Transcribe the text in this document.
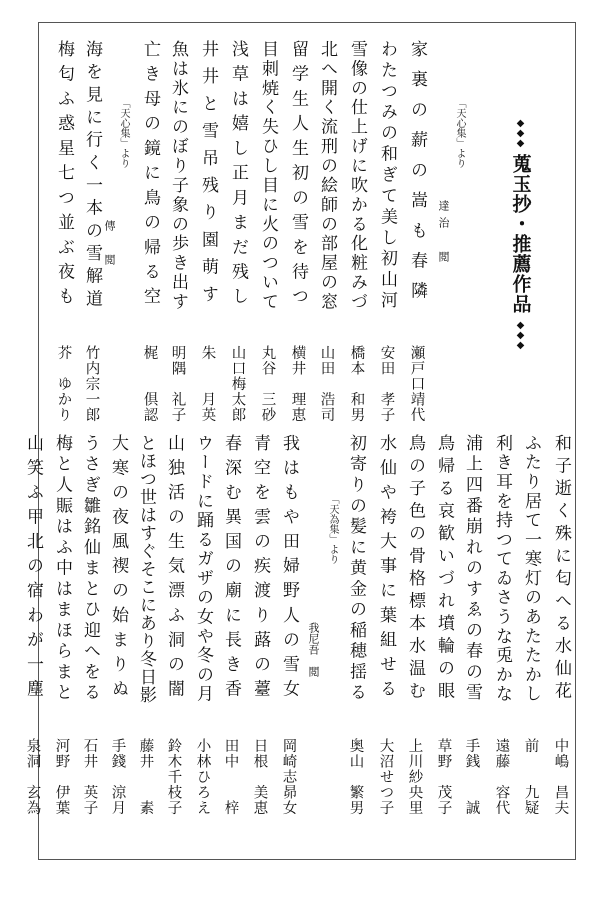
◆◆◆
蒐玉抄・推薦作品
◆◆◆
「天心集」より
達治　閲
家裏の薪の嵩も春隣
瀬戸口靖代
わたつみの和ぎて美し初山河
安田　孝子
雪像の仕上げに吹かる化粧みづ
橋本　和男
北へ開く流刑の絵師の部屋の窓
山田　浩司
留学生人生初の雪を待つ
横井　理恵
目刺焼く失ひし目に火のついて
丸谷　三砂
浅草は嬉し正月まだ残し
山口梅太郎
井井と雪吊残り園萌す
朱　　月英
魚は氷にのぼり子象の歩き出す
明隅　礼子
亡き母の鏡に鳥の帰る空
梶　　倶認
「天心集」より
傳　閲
海を見に行く一本の雪解道
竹内宗一郎
梅匂ふ惑星七つ並ぶ夜も
芥　ゆかり
和子逝く殊に匂へる水仙花
中嶋　昌夫
ふたり居て一寒灯のあたたかし
前　　九疑
利き耳を持つてゐさうな兎かな
遠藤　容代
浦上四番崩れのすゑの春の雪
手銭　　誠
鳥帰る哀歓いづれ墳輪の眼
草野　茂子
鳥の子色の骨格標本水温む
上川紗央里
水仙や袴大事に葉組せる
大沼せつ子
初寄りの髪に黄金の稲穂揺る
奥山　繁男
「天為集」より
我尼吾　閲
我はもや田婦野人の雪女
岡崎志昴女
青空を雲の疾渡り蕗の薹
日根　美恵
春深む異国の廟に長き香
田中　　梓
ウードに踊るガザの女や冬の月
小林ひろえ
山独活の生気漂ふ洞の闇
鈴木千枝子
とほつ世はすぐそこにあり冬日影
藤井　　素
大寒の夜風禊の始まりぬ
手錢　涼月
うさぎ雛銘仙まとひ迎へをる
石井　英子
梅と人賑はふ中はまほらまと
河野　伊葉
山笑ふ甲北の宿わが一塵
泉洞　玄為
